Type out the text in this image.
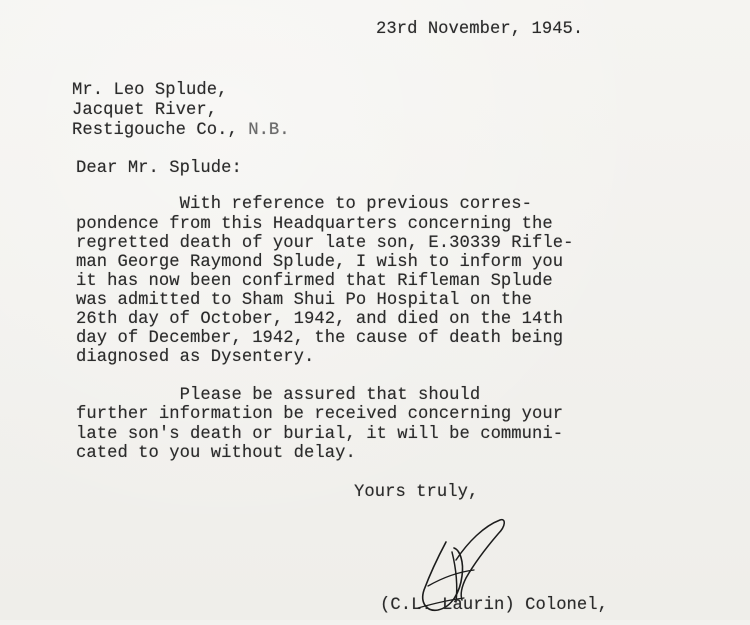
23rd November, 1945.
Mr. Leo Splude,
Jacquet River,
Restigouche Co., N.B.
Dear Mr. Splude:
With reference to previous corres-
pondence from this Headquarters concerning the
regretted death of your late son, E.30339 Rifle-
man George Raymond Splude, I wish to inform you
it has now been confirmed that Rifleman Splude
was admitted to Sham Shui Po Hospital on the
26th day of October, 1942, and died on the 14th
day of December, 1942, the cause of death being
diagnosed as Dysentery.
Please be assured that should
further information be received concerning your
late son's death or burial, it will be communi-
cated to you without delay.
Yours truly,
(C.L. Laurin) Colonel,
